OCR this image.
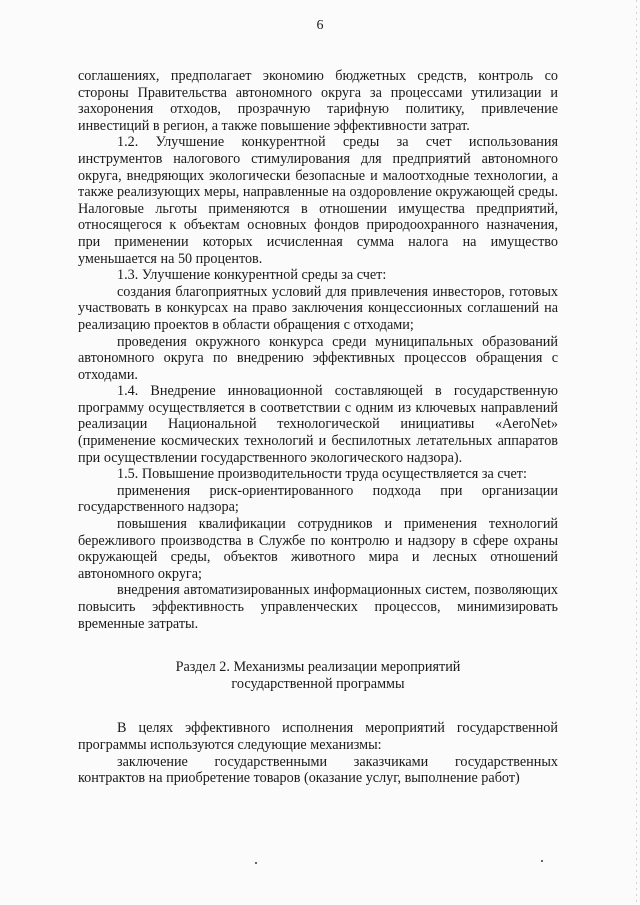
6

соглашениях, предполагает экономию бюджетных средств, контроль со стороны Правительства автономного округа за процессами утилизации и захоронения отходов, прозрачную тарифную политику, привлечение инвестиций в регион, а также повышение эффективности затрат.

1.2. Улучшение конкурентной среды за счет использования инструментов налогового стимулирования для предприятий автономного округа, внедряющих экологически безопасные и малоотходные технологии, а также реализующих меры, направленные на оздоровление окружающей среды. Налоговые льготы применяются в отношении имущества предприятий, относящегося к объектам основных фондов природоохранного назначения, при применении которых исчисленная сумма налога на имущество уменьшается на 50 процентов.

1.3. Улучшение конкурентной среды за счет:

создания благоприятных условий для привлечения инвесторов, готовых участвовать в конкурсах на право заключения концессионных соглашений на реализацию проектов в области обращения с отходами;

проведения окружного конкурса среди муниципальных образований автономного округа по внедрению эффективных процессов обращения с отходами.

1.4. Внедрение инновационной составляющей в государственную программу осуществляется в соответствии с одним из ключевых направлений реализации Национальной технологической инициативы «AeroNet» (применение космических технологий и беспилотных летательных аппаратов при осуществлении государственного экологического надзора).

1.5. Повышение производительности труда осуществляется за счет:

применения риск-ориентированного подхода при организации государственного надзора;

повышения квалификации сотрудников и применения технологий бережливого производства в Службе по контролю и надзору в сфере охраны окружающей среды, объектов животного мира и лесных отношений автономного округа;

внедрения автоматизированных информационных систем, позволяющих повысить эффективность управленческих процессов, минимизировать временные затраты.

Раздел 2. Механизмы реализации мероприятий
государственной программы

В целях эффективного исполнения мероприятий государственной программы используются следующие механизмы:

заключение государственными заказчиками государственных контрактов на приобретение товаров (оказание услуг, выполнение работ)
